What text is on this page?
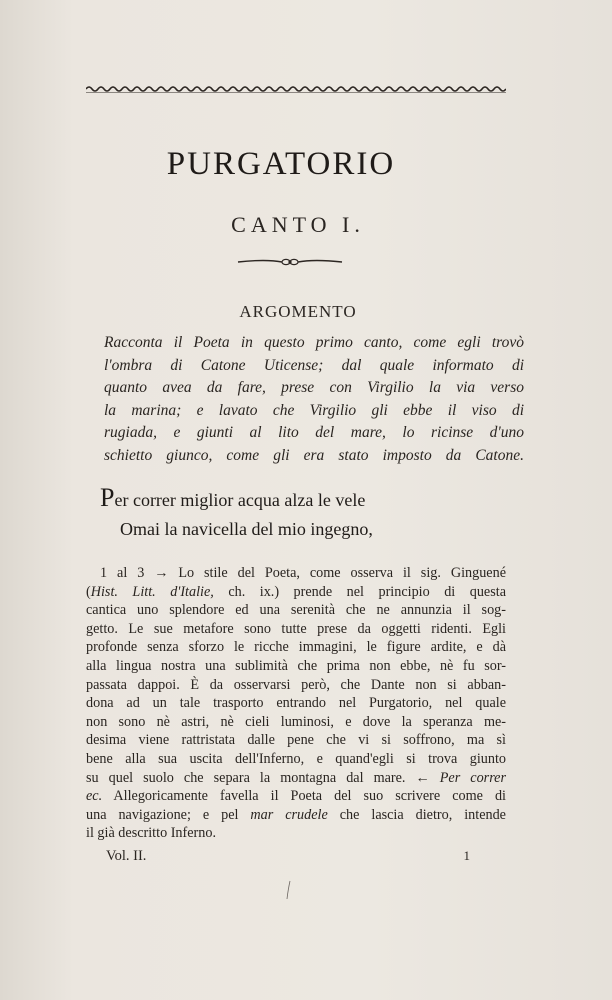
PURGATORIO
CANTO I.
ARGOMENTO
Racconta il Poeta in questo primo canto, come egli trovò
l'ombra di Catone Uticense; dal quale informato di
quanto avea da fare, prese con Virgilio la via verso
la marina; e lavato che Virgilio gli ebbe il viso di
rugiada, e giunti al lito del mare, lo ricinse d'uno
schietto giunco, come gli era stato imposto da Catone.
Per correr miglior acqua alza le vele
Omai la navicella del mio ingegno,
1 al 3 → Lo stile del Poeta, come osserva il sig. Ginguené
(Hist. Litt. d'Italie, ch. ix.) prende nel principio di questa
cantica uno splendore ed una serenità che ne annunzia il sog-
getto. Le sue metafore sono tutte prese da oggetti ridenti. Egli
profonde senza sforzo le ricche immagini, le figure ardite, e dà
alla lingua nostra una sublimità che prima non ebbe, nè fu sor-
passata dappoi. È da osservarsi però, che Dante non si abban-
dona ad un tale trasporto entrando nel Purgatorio, nel quale
non sono nè astri, nè cieli luminosi, e dove la speranza me-
desima viene rattristata dalle pene che vi si soffrono, ma sì
bene alla sua uscita dell'Inferno, e quand'egli si trova giunto
su quel suolo che separa la montagna dal mare. ← Per correr
ec. Allegoricamente favella il Poeta del suo scrivere come di
una navigazione; e pel mar crudele che lascia dietro, intende
il già descritto Inferno.
Vol. II.	1
